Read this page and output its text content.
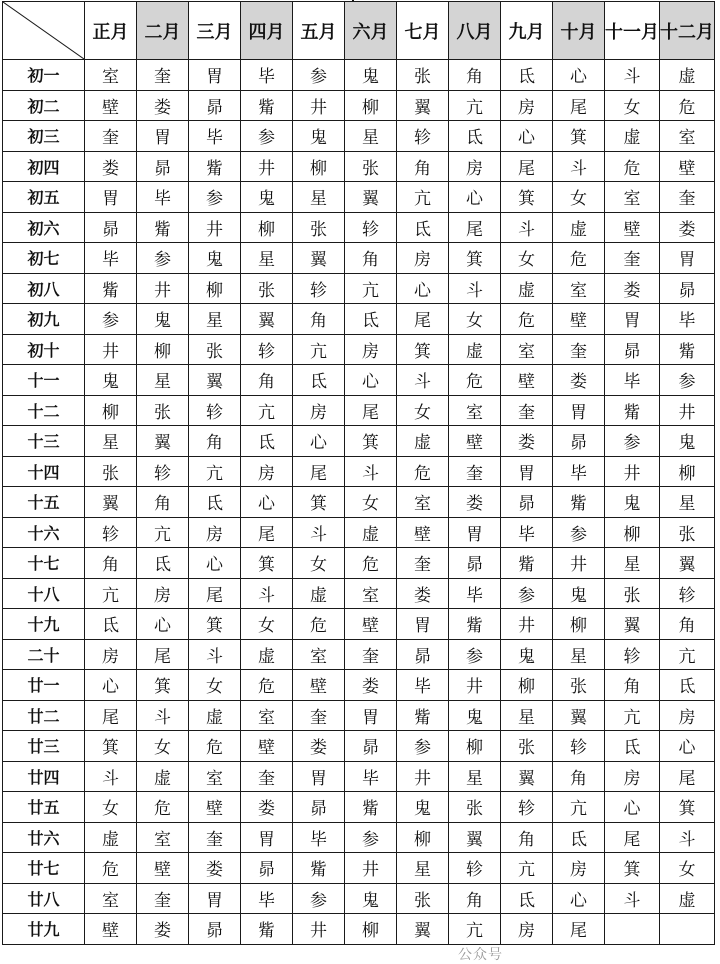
	正月	二月	三月	四月	五月	六月	七月	八月	九月	十月	十一月	十二月
初一	室	奎	胃	毕	参	鬼	张	角	氐	心	斗	虚
初二	壁	娄	昴	觜	井	柳	翼	亢	房	尾	女	危
初三	奎	胃	毕	参	鬼	星	轸	氐	心	箕	虚	室
初四	娄	昴	觜	井	柳	张	角	房	尾	斗	危	壁
初五	胃	毕	参	鬼	星	翼	亢	心	箕	女	室	奎
初六	昴	觜	井	柳	张	轸	氐	尾	斗	虚	壁	娄
初七	毕	参	鬼	星	翼	角	房	箕	女	危	奎	胃
初八	觜	井	柳	张	轸	亢	心	斗	虚	室	娄	昴
初九	参	鬼	星	翼	角	氐	尾	女	危	壁	胃	毕
初十	井	柳	张	轸	亢	房	箕	虚	室	奎	昴	觜
十一	鬼	星	翼	角	氐	心	斗	危	壁	娄	毕	参
十二	柳	张	轸	亢	房	尾	女	室	奎	胃	觜	井
十三	星	翼	角	氐	心	箕	虚	壁	娄	昴	参	鬼
十四	张	轸	亢	房	尾	斗	危	奎	胃	毕	井	柳
十五	翼	角	氐	心	箕	女	室	娄	昴	觜	鬼	星
十六	轸	亢	房	尾	斗	虚	壁	胃	毕	参	柳	张
十七	角	氐	心	箕	女	危	奎	昴	觜	井	星	翼
十八	亢	房	尾	斗	虚	室	娄	毕	参	鬼	张	轸
十九	氐	心	箕	女	危	壁	胃	觜	井	柳	翼	角
二十	房	尾	斗	虚	室	奎	昴	参	鬼	星	轸	亢
廿一	心	箕	女	危	壁	娄	毕	井	柳	张	角	氐
廿二	尾	斗	虚	室	奎	胃	觜	鬼	星	翼	亢	房
廿三	箕	女	危	壁	娄	昴	参	柳	张	轸	氐	心
廿四	斗	虚	室	奎	胃	毕	井	星	翼	角	房	尾
廿五	女	危	壁	娄	昴	觜	鬼	张	轸	亢	心	箕
廿六	虚	室	奎	胃	毕	参	柳	翼	角	氐	尾	斗
廿七	危	壁	娄	昴	觜	井	星	轸	亢	房	箕	女
廿八	室	奎	胃	毕	参	鬼	张	角	氐	心	斗	虚
廿九	壁	娄	昴	觜	井	柳	翼	亢	房	尾		
公众号
